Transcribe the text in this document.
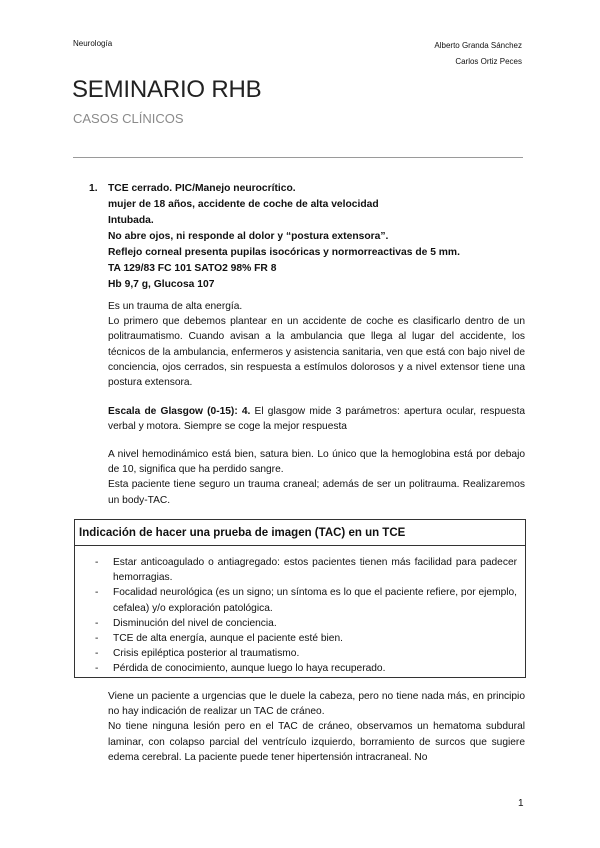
Neurología	Alberto Granda Sánchez
Carlos Ortiz Peces
SEMINARIO RHB
CASOS CLÍNICOS
1. TCE cerrado. PIC/Manejo neurocrítico.
mujer de 18 años, accidente de coche de alta velocidad
Intubada.
No abre ojos, ni responde al dolor y “postura extensora”.
Reflejo corneal presenta pupilas isocóricas y normorreactivas de 5 mm.
TA 129/83 FC 101 SATO2 98% FR 8
Hb 9,7 g, Glucosa 107

Es un trauma de alta energía.

Lo primero que debemos plantear en un accidente de coche es clasificarlo dentro de un politraumatismo. Cuando avisan a la ambulancia que llega al lugar del accidente, los técnicos de la ambulancia, enfermeros y asistencia sanitaria, ven que está con bajo nivel de conciencia, ojos cerrados, sin respuesta a estímulos dolorosos y a nivel extensor tiene una postura extensora.

Escala de Glasgow (0-15): 4. El glasgow mide 3 parámetros: apertura ocular, respuesta verbal y motora. Siempre se coge la mejor respuesta

A nivel hemodinámico está bien, satura bien. Lo único que la hemoglobina está por debajo de 10, significa que ha perdido sangre.

Esta paciente tiene seguro un trauma craneal; además de ser un politrauma. Realizaremos un body-TAC.

Indicación de hacer una prueba de imagen (TAC) en un TCE
- Estar anticoagulado o antiagregado: estos pacientes tienen más facilidad para padecer hemorragias.
- Focalidad neurológica (es un signo; un síntoma es lo que el paciente refiere, por ejemplo, cefalea) y/o exploración patológica.
- Disminución del nivel de conciencia.
- TCE de alta energía, aunque el paciente esté bien.
- Crisis epiléptica posterior al traumatismo.
- Pérdida de conocimiento, aunque luego lo haya recuperado.

Viene un paciente a urgencias que le duele la cabeza, pero no tiene nada más, en principio no hay indicación de realizar un TAC de cráneo.

No tiene ninguna lesión pero en el TAC de cráneo, observamos un hematoma subdural laminar, con colapso parcial del ventrículo izquierdo, borramiento de surcos que sugiere edema cerebral. La paciente puede tener hipertensión intracraneal. No

1
